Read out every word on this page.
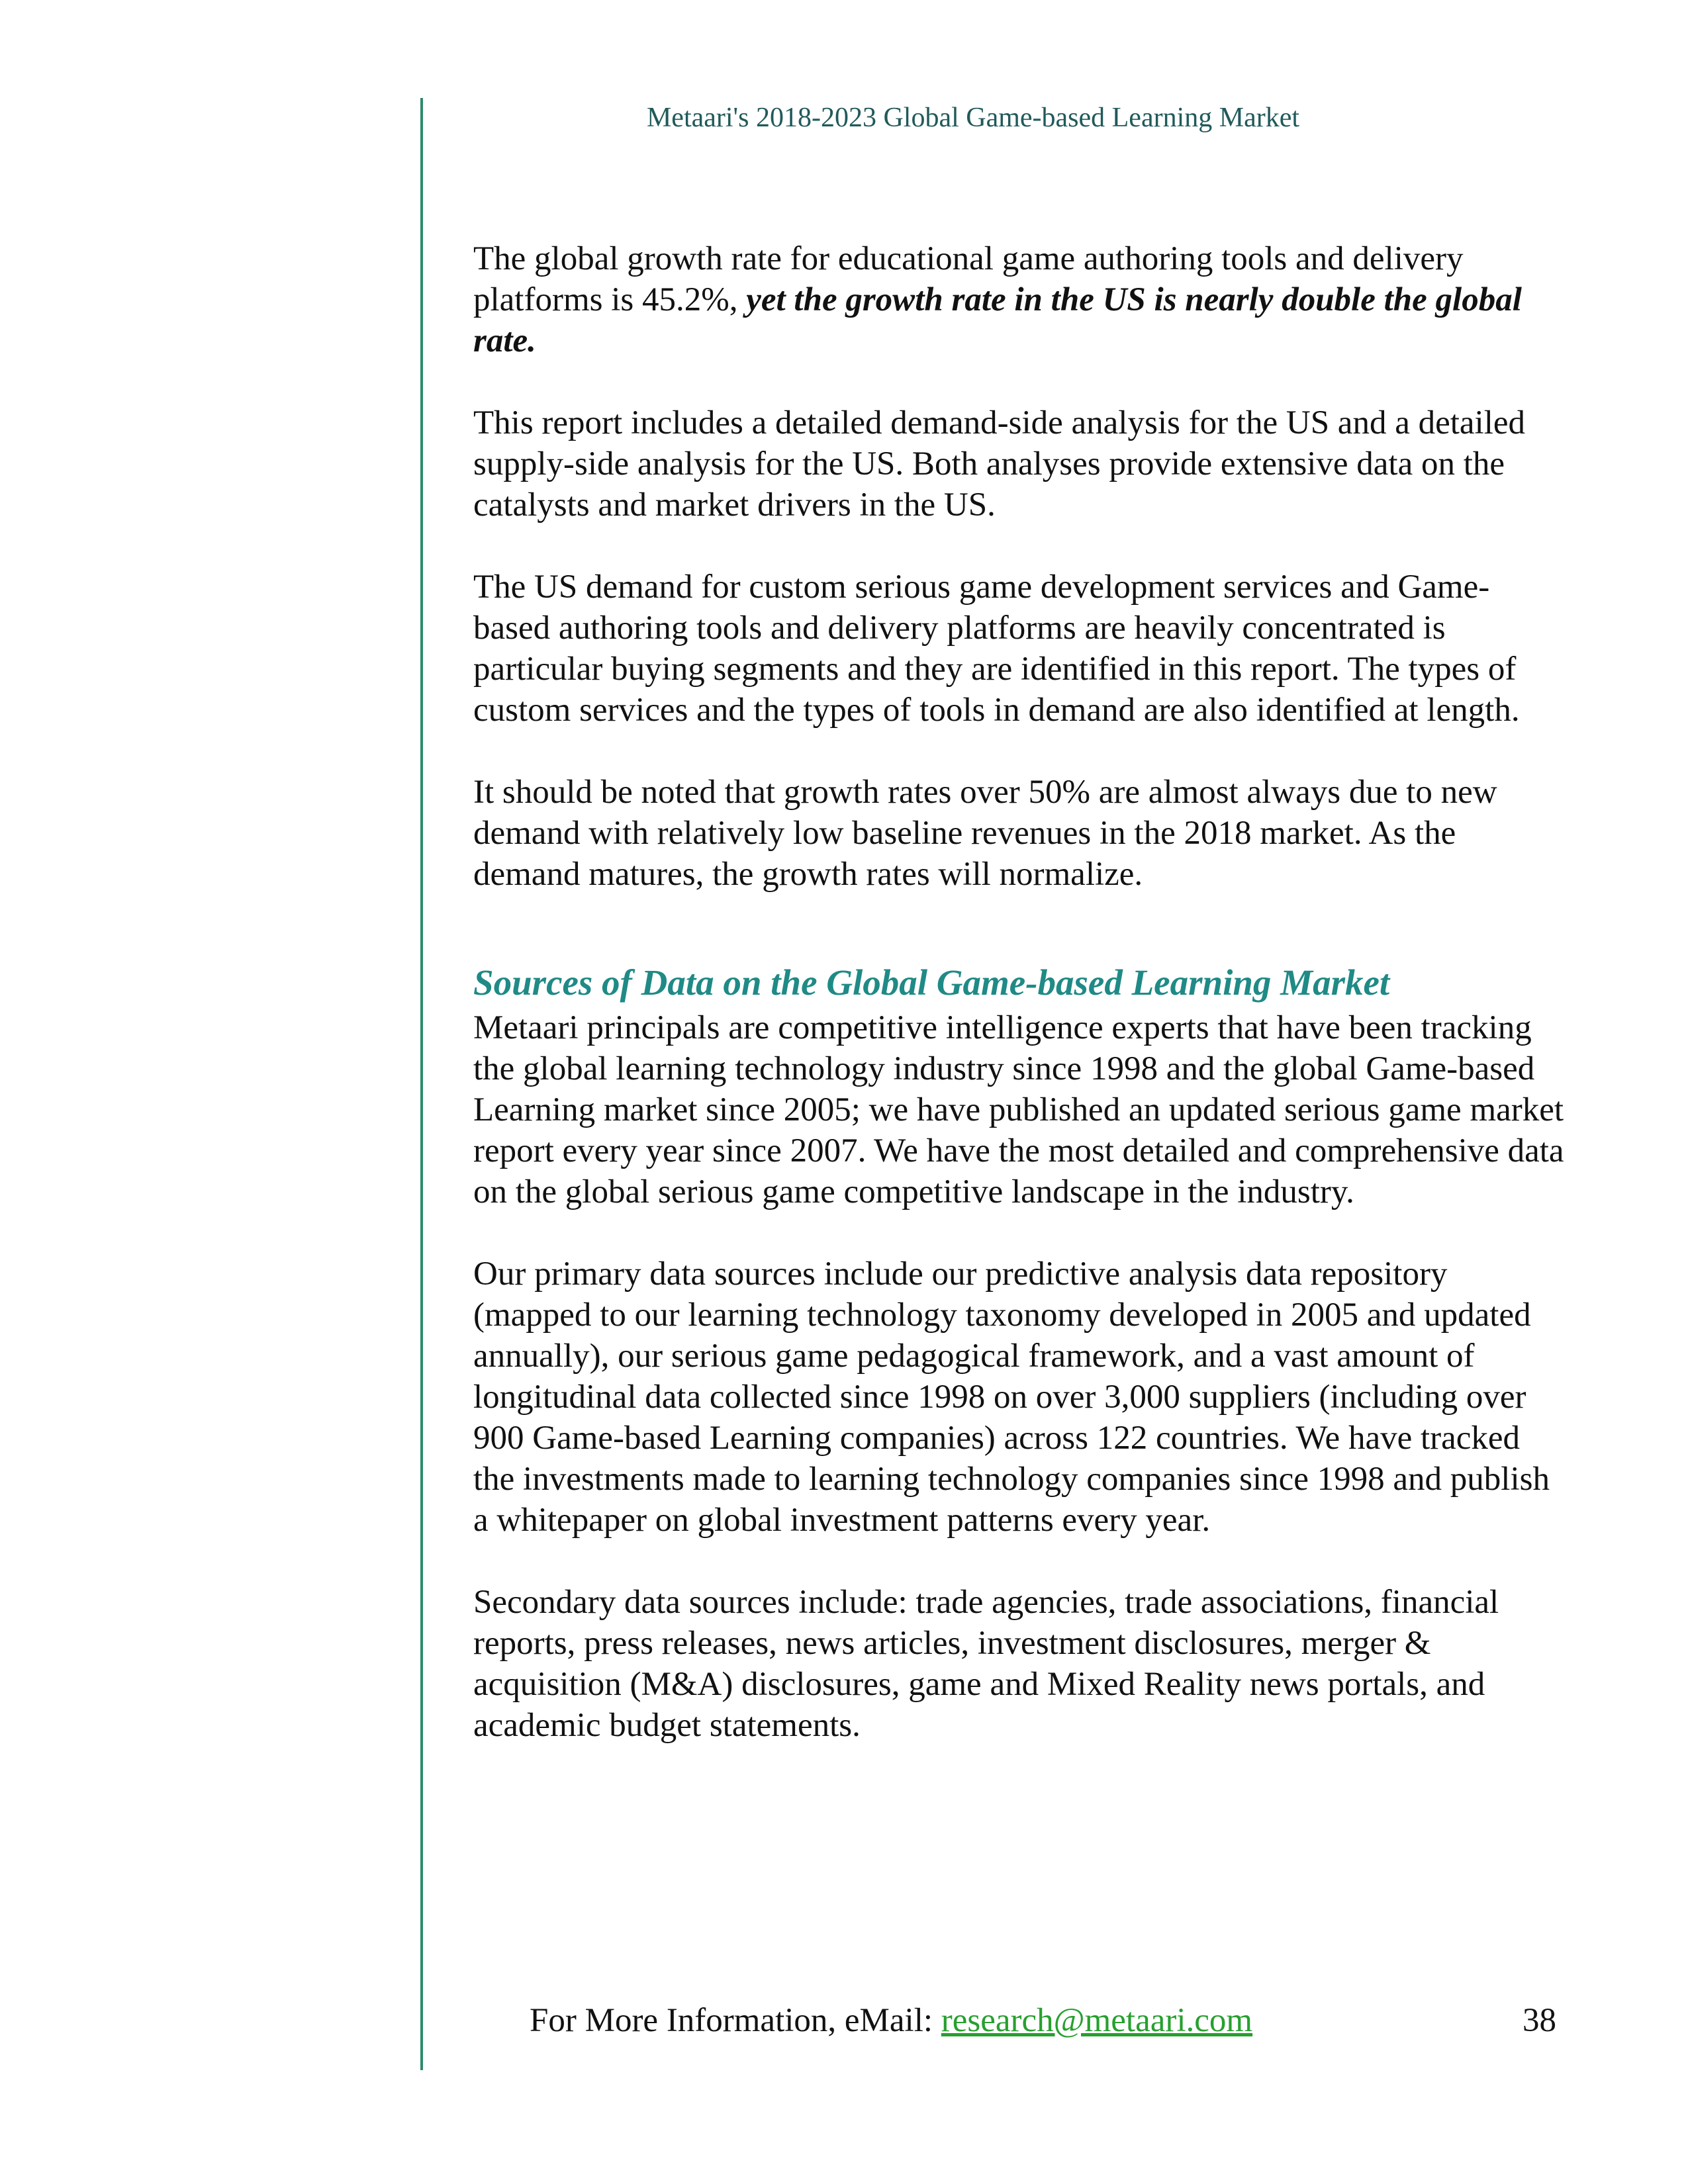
Metaari's 2018-2023 Global Game-based Learning Market

The global growth rate for educational game authoring tools and delivery platforms is 45.2%, yet the growth rate in the US is nearly double the global rate.

This report includes a detailed demand-side analysis for the US and a detailed supply-side analysis for the US. Both analyses provide extensive data on the catalysts and market drivers in the US.

The US demand for custom serious game development services and Game-based authoring tools and delivery platforms are heavily concentrated is particular buying segments and they are identified in this report. The types of custom services and the types of tools in demand are also identified at length.

It should be noted that growth rates over 50% are almost always due to new demand with relatively low baseline revenues in the 2018 market. As the demand matures, the growth rates will normalize.

Sources of Data on the Global Game-based Learning Market

Metaari principals are competitive intelligence experts that have been tracking the global learning technology industry since 1998 and the global Game-based Learning market since 2005; we have published an updated serious game market report every year since 2007. We have the most detailed and comprehensive data on the global serious game competitive landscape in the industry.

Our primary data sources include our predictive analysis data repository (mapped to our learning technology taxonomy developed in 2005 and updated annually), our serious game pedagogical framework, and a vast amount of longitudinal data collected since 1998 on over 3,000 suppliers (including over 900 Game-based Learning companies) across 122 countries. We have tracked the investments made to learning technology companies since 1998 and publish a whitepaper on global investment patterns every year.

Secondary data sources include: trade agencies, trade associations, financial reports, press releases, news articles, investment disclosures, merger & acquisition (M&A) disclosures, game and Mixed Reality news portals, and academic budget statements.

For More Information, eMail: research@metaari.com	38
